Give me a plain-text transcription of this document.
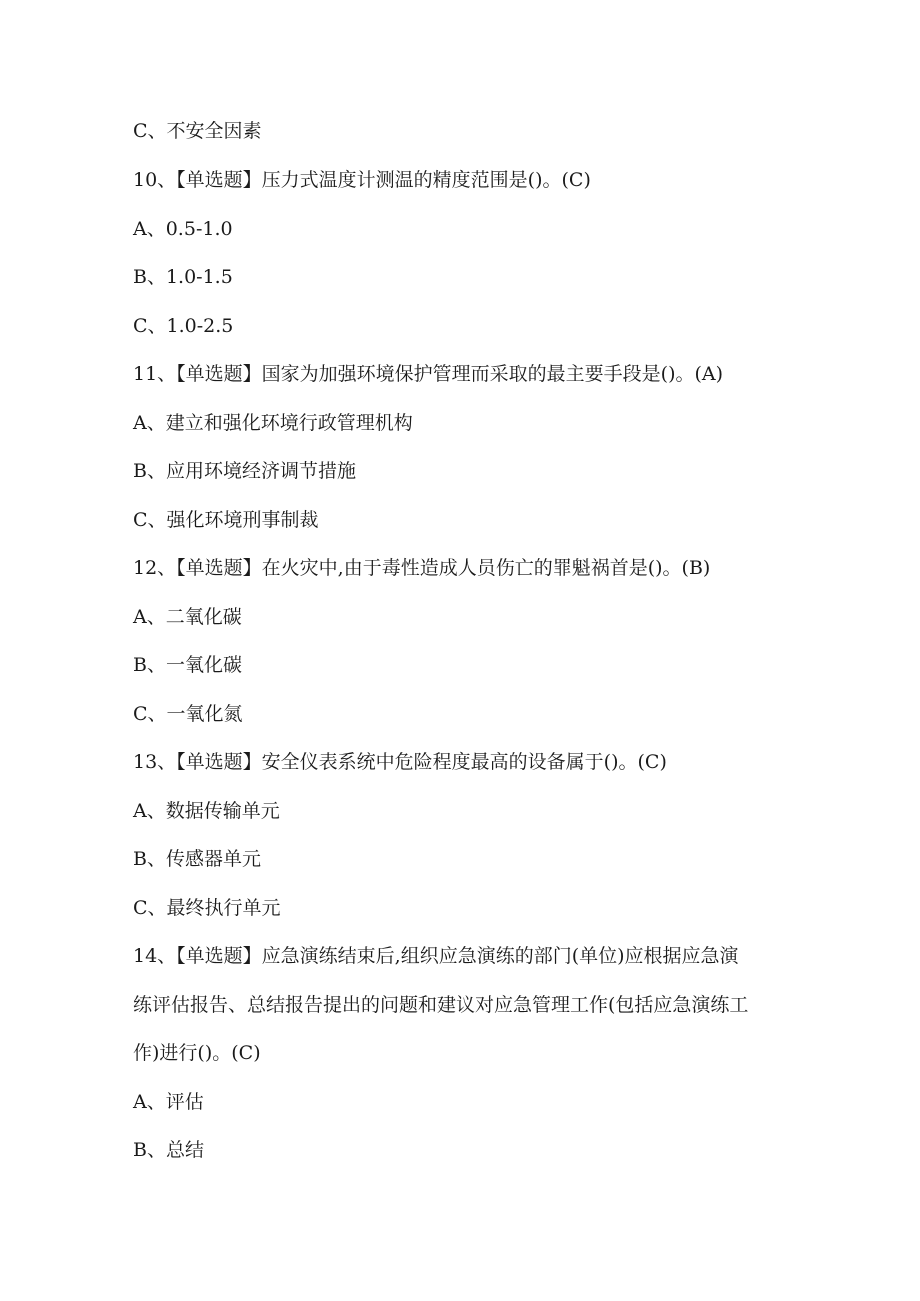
C、不安全因素
10、【单选题】压力式温度计测温的精度范围是()。(C)
A、0.5-1.0
B、1.0-1.5
C、1.0-2.5
11、【单选题】国家为加强环境保护管理而采取的最主要手段是()。(A)
A、建立和强化环境行政管理机构
B、应用环境经济调节措施
C、强化环境刑事制裁
12、【单选题】在火灾中,由于毒性造成人员伤亡的罪魁祸首是()。(B)
A、二氧化碳
B、一氧化碳
C、一氧化氮
13、【单选题】安全仪表系统中危险程度最高的设备属于()。(C)
A、数据传输单元
B、传感器单元
C、最终执行单元
14、【单选题】应急演练结束后,组织应急演练的部门(单位)应根据应急演
练评估报告、总结报告提出的问题和建议对应急管理工作(包括应急演练工
作)进行()。(C)
A、评估
B、总结
